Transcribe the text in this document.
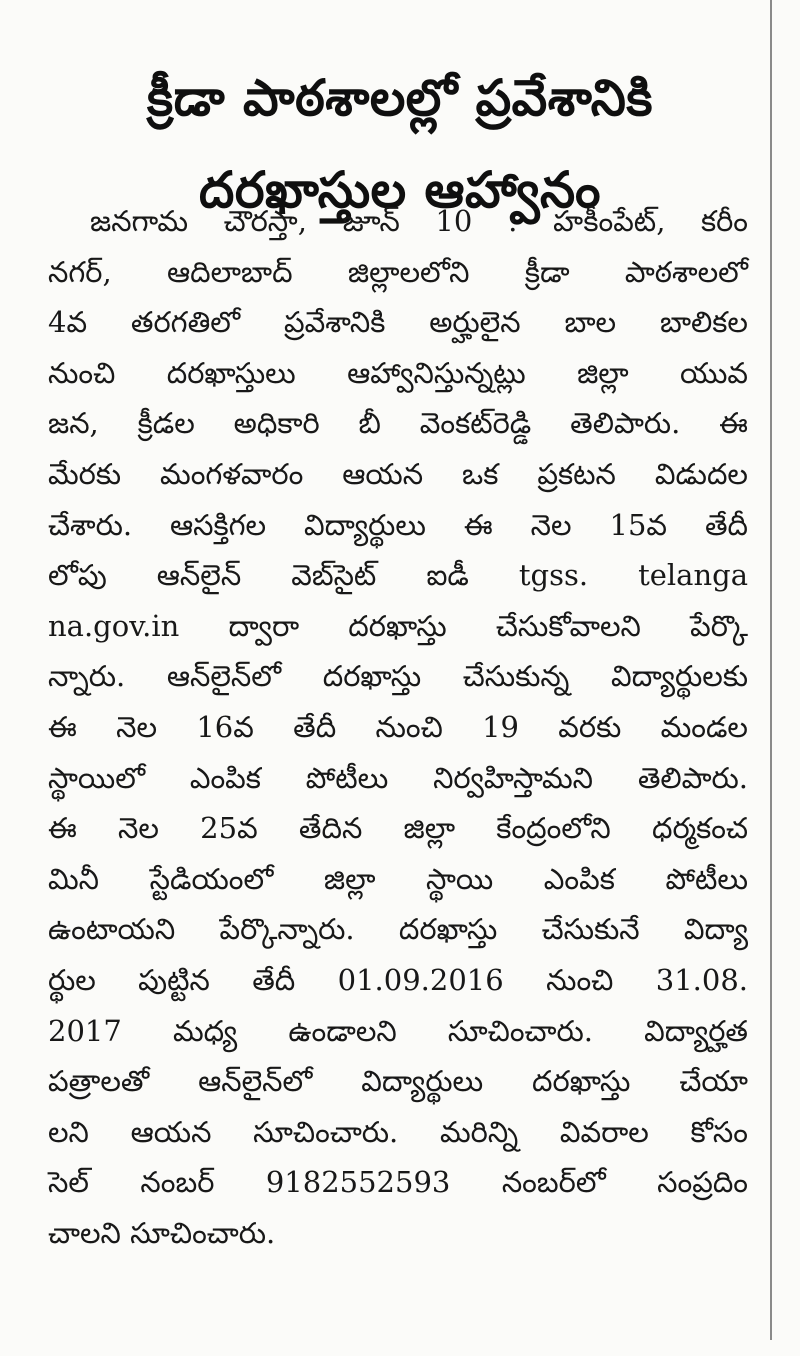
క్రీడా పాఠశాలల్లో ప్రవేశానికి
దరఖాస్తుల ఆహ్వానం
జనగామ చౌరస్తా, జూన్ 10 : హకీంపేట్, కరీం
నగర్, ఆదిలాబాద్ జిల్లాలలోని క్రీడా పాఠశాలలో
4వ తరగతిలో ప్రవేశానికి అర్హులైన బాల బాలికల
నుంచి దరఖాస్తులు ఆహ్వానిస్తున్నట్లు జిల్లా యువ
జన, క్రీడల అధికారి బీ వెంకట్‌రెడ్డి తెలిపారు. ఈ
మేరకు మంగళవారం ఆయన ఒక ప్రకటన విడుదల
చేశారు. ఆసక్తిగల విద్యార్థులు ఈ నెల 15వ తేదీ
లోపు ఆన్‌లైన్ వెబ్‌సైట్ ఐడీ tgss. telanga
na.gov.in ద్వారా దరఖాస్తు చేసుకోవాలని పేర్కొ
న్నారు. ఆన్‌లైన్‌లో దరఖాస్తు చేసుకున్న విద్యార్థులకు
ఈ నెల 16వ తేదీ నుంచి 19 వరకు మండల
స్థాయిలో ఎంపిక పోటీలు నిర్వహిస్తామని తెలిపారు.
ఈ నెల 25వ తేదిన జిల్లా కేంద్రంలోని ధర్మకంచ
మినీ స్టేడియంలో జిల్లా స్థాయి ఎంపిక పోటీలు
ఉంటాయని పేర్కొన్నారు. దరఖాస్తు చేసుకునే విద్యా
ర్థుల పుట్టిన తేదీ 01.09.2016 నుంచి 31.08.
2017 మధ్య ఉండాలని సూచించారు. విద్యార్హత
పత్రాలతో ఆన్‌లైన్‌లో విద్యార్థులు దరఖాస్తు చేయా
లని ఆయన సూచించారు. మరిన్ని వివరాల కోసం
సెల్ నంబర్ 9182552593 నంబర్‌లో సంప్రదిం
చాలని సూచించారు.
